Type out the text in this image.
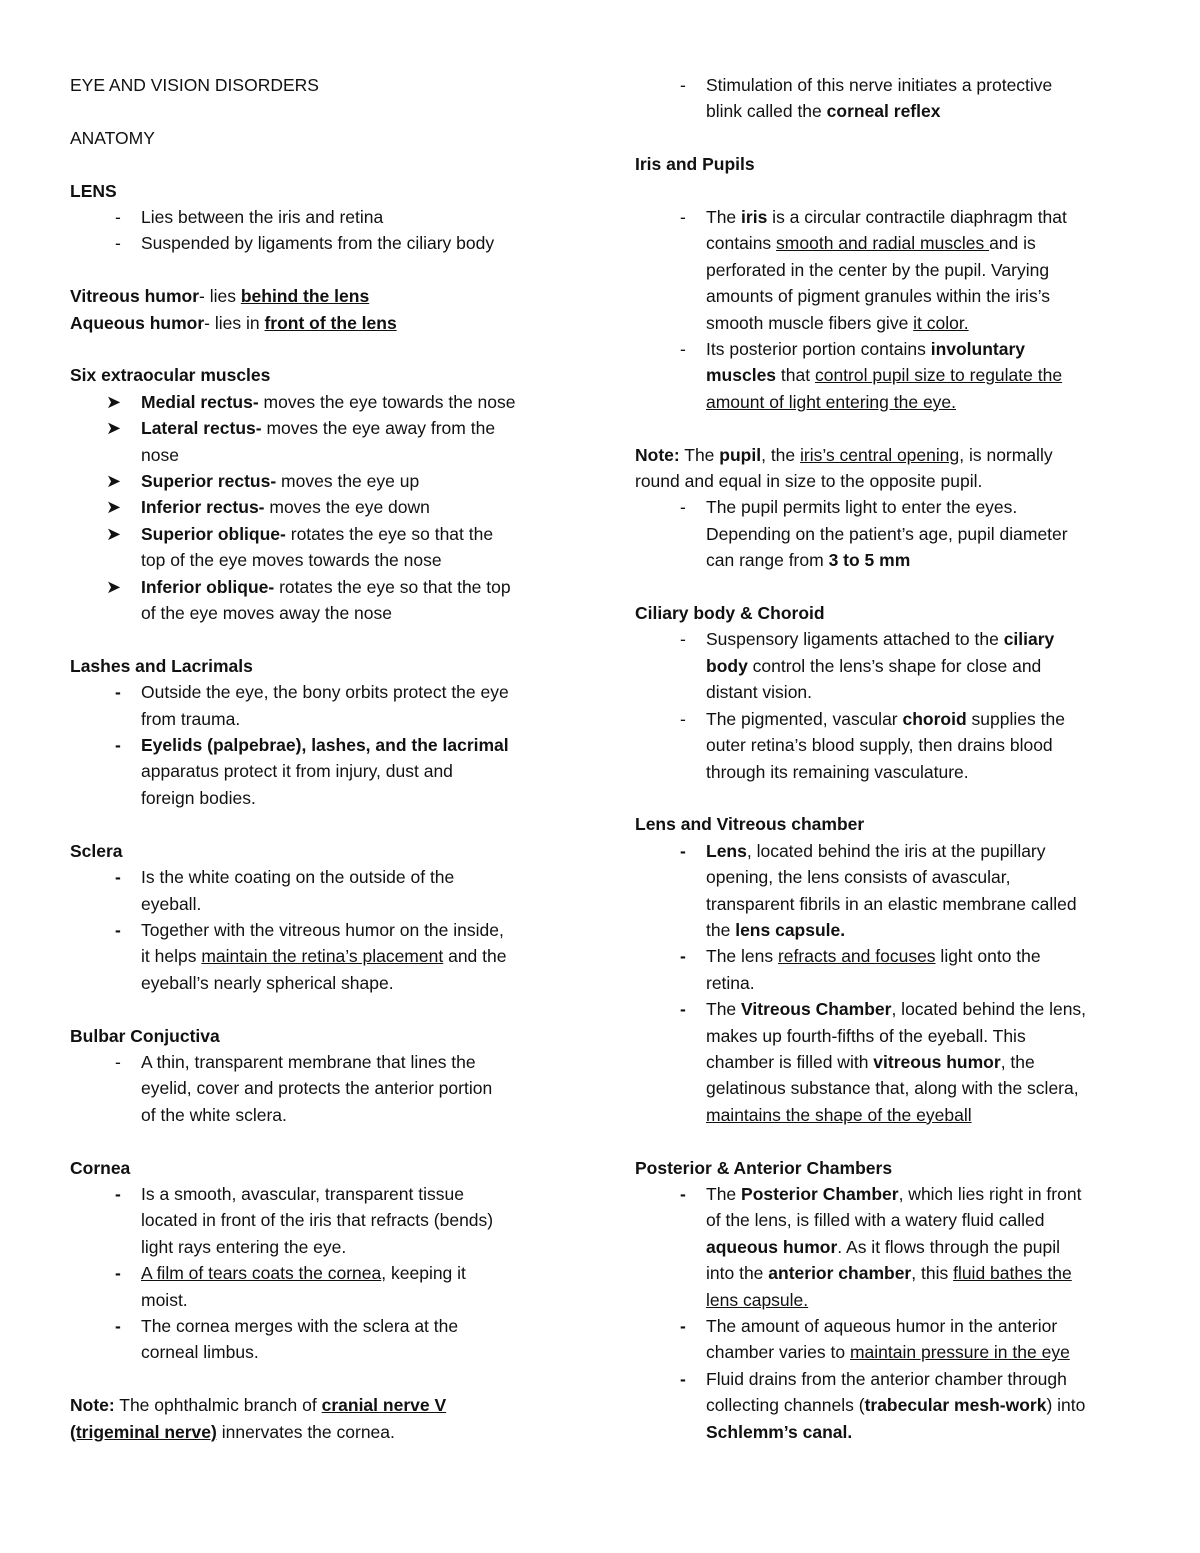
EYE AND VISION DISORDERS
ANATOMY
LENS
- Lies between the iris and retina
- Suspended by ligaments from the ciliary body
Vitreous humor- lies behind the lens
Aqueous humor- lies in front of the lens
Six extraocular muscles
➤ Medial rectus- moves the eye towards the nose
➤ Lateral rectus- moves the eye away from the
nose
➤ Superior rectus- moves the eye up
➤ Inferior rectus- moves the eye down
➤ Superior oblique- rotates the eye so that the
top of the eye moves towards the nose
➤ Inferior oblique- rotates the eye so that the top
of the eye moves away the nose
Lashes and Lacrimals
- Outside the eye, the bony orbits protect the eye
from trauma.
- Eyelids (palpebrae), lashes, and the lacrimal
apparatus protect it from injury, dust and
foreign bodies.
Sclera
- Is the white coating on the outside of the
eyeball.
- Together with the vitreous humor on the inside,
it helps maintain the retina’s placement and the
eyeball’s nearly spherical shape.
Bulbar Conjuctiva
- A thin, transparent membrane that lines the
eyelid, cover and protects the anterior portion
of the white sclera.
Cornea
- Is a smooth, avascular, transparent tissue
located in front of the iris that refracts (bends)
light rays entering the eye.
- A film of tears coats the cornea, keeping it
moist.
- The cornea merges with the sclera at the
corneal limbus.
Note: The ophthalmic branch of cranial nerve V
(trigeminal nerve) innervates the cornea.
- Stimulation of this nerve initiates a protective
blink called the corneal reflex
Iris and Pupils
- The iris is a circular contractile diaphragm that
contains smooth and radial muscles and is
perforated in the center by the pupil. Varying
amounts of pigment granules within the iris’s
smooth muscle fibers give it color.
- Its posterior portion contains involuntary
muscles that control pupil size to regulate the
amount of light entering the eye.
Note: The pupil, the iris’s central opening, is normally
round and equal in size to the opposite pupil.
- The pupil permits light to enter the eyes.
Depending on the patient’s age, pupil diameter
can range from 3 to 5 mm
Ciliary body & Choroid
- Suspensory ligaments attached to the ciliary
body control the lens’s shape for close and
distant vision.
- The pigmented, vascular choroid supplies the
outer retina’s blood supply, then drains blood
through its remaining vasculature.
Lens and Vitreous chamber
- Lens, located behind the iris at the pupillary
opening, the lens consists of avascular,
transparent fibrils in an elastic membrane called
the lens capsule.
- The lens refracts and focuses light onto the
retina.
- The Vitreous Chamber, located behind the lens,
makes up fourth-fifths of the eyeball. This
chamber is filled with vitreous humor, the
gelatinous substance that, along with the sclera,
maintains the shape of the eyeball
Posterior & Anterior Chambers
- The Posterior Chamber, which lies right in front
of the lens, is filled with a watery fluid called
aqueous humor. As it flows through the pupil
into the anterior chamber, this fluid bathes the
lens capsule.
- The amount of aqueous humor in the anterior
chamber varies to maintain pressure in the eye
- Fluid drains from the anterior chamber through
collecting channels (trabecular mesh-work) into
Schlemm’s canal.
